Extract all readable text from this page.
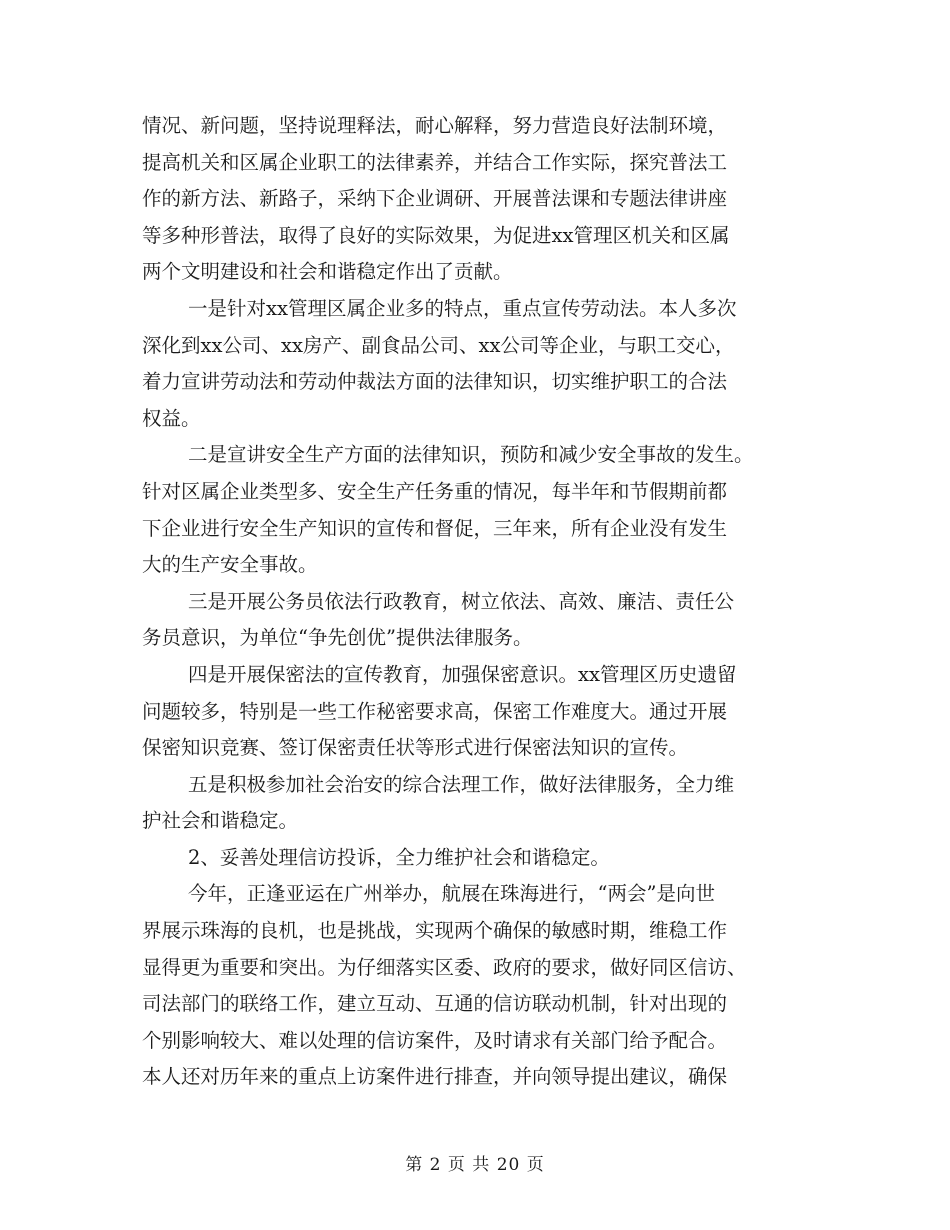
情况、新问题，坚持说理释法，耐心解释，努力营造良好法制环境，
提高机关和区属企业职工的法律素养，并结合工作实际，探究普法工
作的新方法、新路子，采纳下企业调研、开展普法课和专题法律讲座
等多种形普法，取得了良好的实际效果，为促进xx管理区机关和区属
两个文明建设和社会和谐稳定作出了贡献。
一是针对xx管理区属企业多的特点，重点宣传劳动法。本人多次
深化到xx公司、xx房产、副食品公司、xx公司等企业，与职工交心，
着力宣讲劳动法和劳动仲裁法方面的法律知识，切实维护职工的合法
权益。
二是宣讲安全生产方面的法律知识，预防和减少安全事故的发生。
针对区属企业类型多、安全生产任务重的情况，每半年和节假期前都
下企业进行安全生产知识的宣传和督促，三年来，所有企业没有发生
大的生产安全事故。
三是开展公务员依法行政教育，树立依法、高效、廉洁、责任公
务员意识，为单位“争先创优”提供法律服务。
四是开展保密法的宣传教育，加强保密意识。xx管理区历史遗留
问题较多，特别是一些工作秘密要求高，保密工作难度大。通过开展
保密知识竞赛、签订保密责任状等形式进行保密法知识的宣传。
五是积极参加社会治安的综合法理工作，做好法律服务，全力维
护社会和谐稳定。
2、妥善处理信访投诉，全力维护社会和谐稳定。
今年，正逢亚运在广州举办，航展在珠海进行，“两会”是向世
界展示珠海的良机，也是挑战，实现两个确保的敏感时期，维稳工作
显得更为重要和突出。为仔细落实区委、政府的要求，做好同区信访、
司法部门的联络工作，建立互动、互通的信访联动机制，针对出现的
个别影响较大、难以处理的信访案件，及时请求有关部门给予配合。
本人还对历年来的重点上访案件进行排查，并向领导提出建议，确保
第 2 页 共 20 页
